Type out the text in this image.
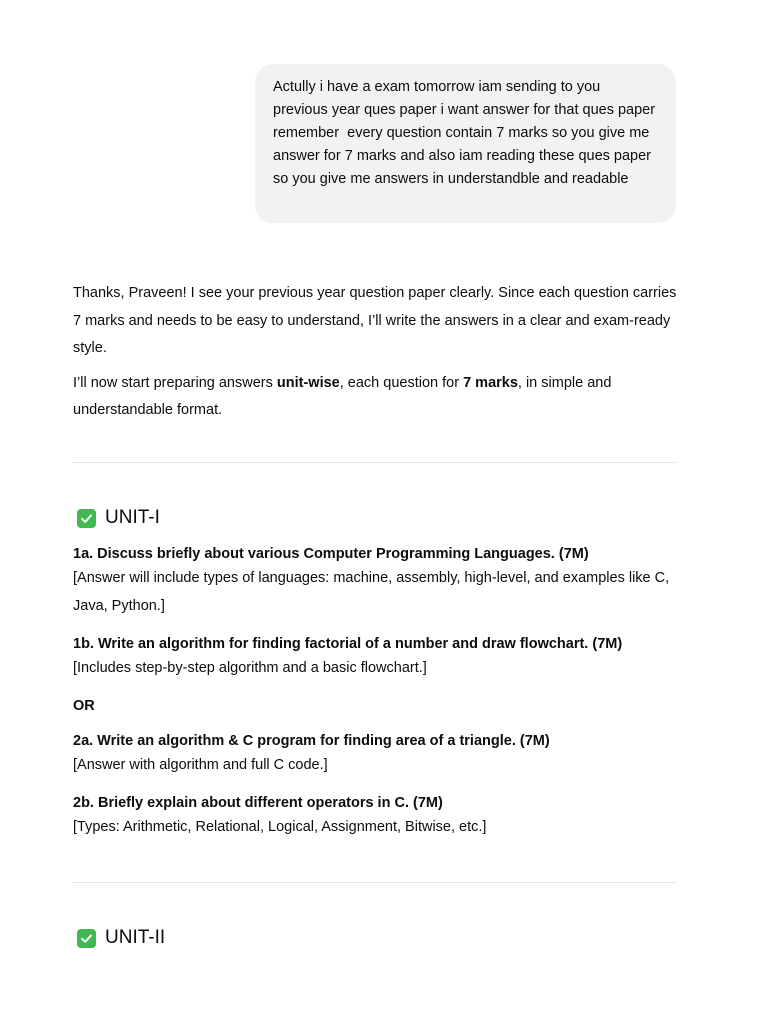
Actully i have a exam tomorrow iam sending to you previous year ques paper i want answer for that ques paper remember  every question contain 7 marks so you give me answer for 7 marks and also iam reading these ques paper so you give me answers in understandble and readable

Thanks, Praveen! I see your previous year question paper clearly. Since each question carries 7 marks and needs to be easy to understand, I’ll write the answers in a clear and exam-ready style.

I’ll now start preparing answers unit-wise, each question for 7 marks, in simple and understandable format.

UNIT-I

1a. Discuss briefly about various Computer Programming Languages. (7M)

[Answer will include types of languages: machine, assembly, high-level, and examples like C, Java, Python.]

1b. Write an algorithm for finding factorial of a number and draw flowchart. (7M)

[Includes step-by-step algorithm and a basic flowchart.]

OR

2a. Write an algorithm & C program for finding area of a triangle. (7M)

[Answer with algorithm and full C code.]

2b. Briefly explain about different operators in C. (7M)

[Types: Arithmetic, Relational, Logical, Assignment, Bitwise, etc.]

UNIT-II
